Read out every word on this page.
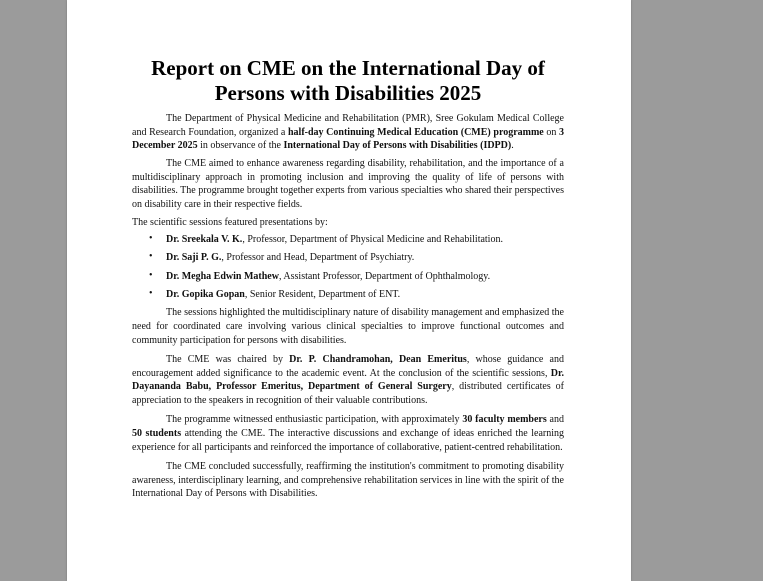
Report on CME on the International Day of
Persons with Disabilities 2025

The Department of Physical Medicine and Rehabilitation (PMR), Sree Gokulam Medical College and Research Foundation, organized a half-day Continuing Medical Education (CME) programme on 3 December 2025 in observance of the International Day of Persons with Disabilities (IDPD).

The CME aimed to enhance awareness regarding disability, rehabilitation, and the importance of a multidisciplinary approach in promoting inclusion and improving the quality of life of persons with disabilities. The programme brought together experts from various specialties who shared their perspectives on disability care in their respective fields.

The scientific sessions featured presentations by:

• Dr. Sreekala V. K., Professor, Department of Physical Medicine and Rehabilitation.
• Dr. Saji P. G., Professor and Head, Department of Psychiatry.
• Dr. Megha Edwin Mathew, Assistant Professor, Department of Ophthalmology.
• Dr. Gopika Gopan, Senior Resident, Department of ENT.

The sessions highlighted the multidisciplinary nature of disability management and emphasized the need for coordinated care involving various clinical specialties to improve functional outcomes and community participation for persons with disabilities.

The CME was chaired by Dr. P. Chandramohan, Dean Emeritus, whose guidance and encouragement added significance to the academic event. At the conclusion of the scientific sessions, Dr. Dayananda Babu, Professor Emeritus, Department of General Surgery, distributed certificates of appreciation to the speakers in recognition of their valuable contributions.

The programme witnessed enthusiastic participation, with approximately 30 faculty members and 50 students attending the CME. The interactive discussions and exchange of ideas enriched the learning experience for all participants and reinforced the importance of collaborative, patient-centred rehabilitation.

The CME concluded successfully, reaffirming the institution's commitment to promoting disability awareness, interdisciplinary learning, and comprehensive rehabilitation services in line with the spirit of the International Day of Persons with Disabilities.
